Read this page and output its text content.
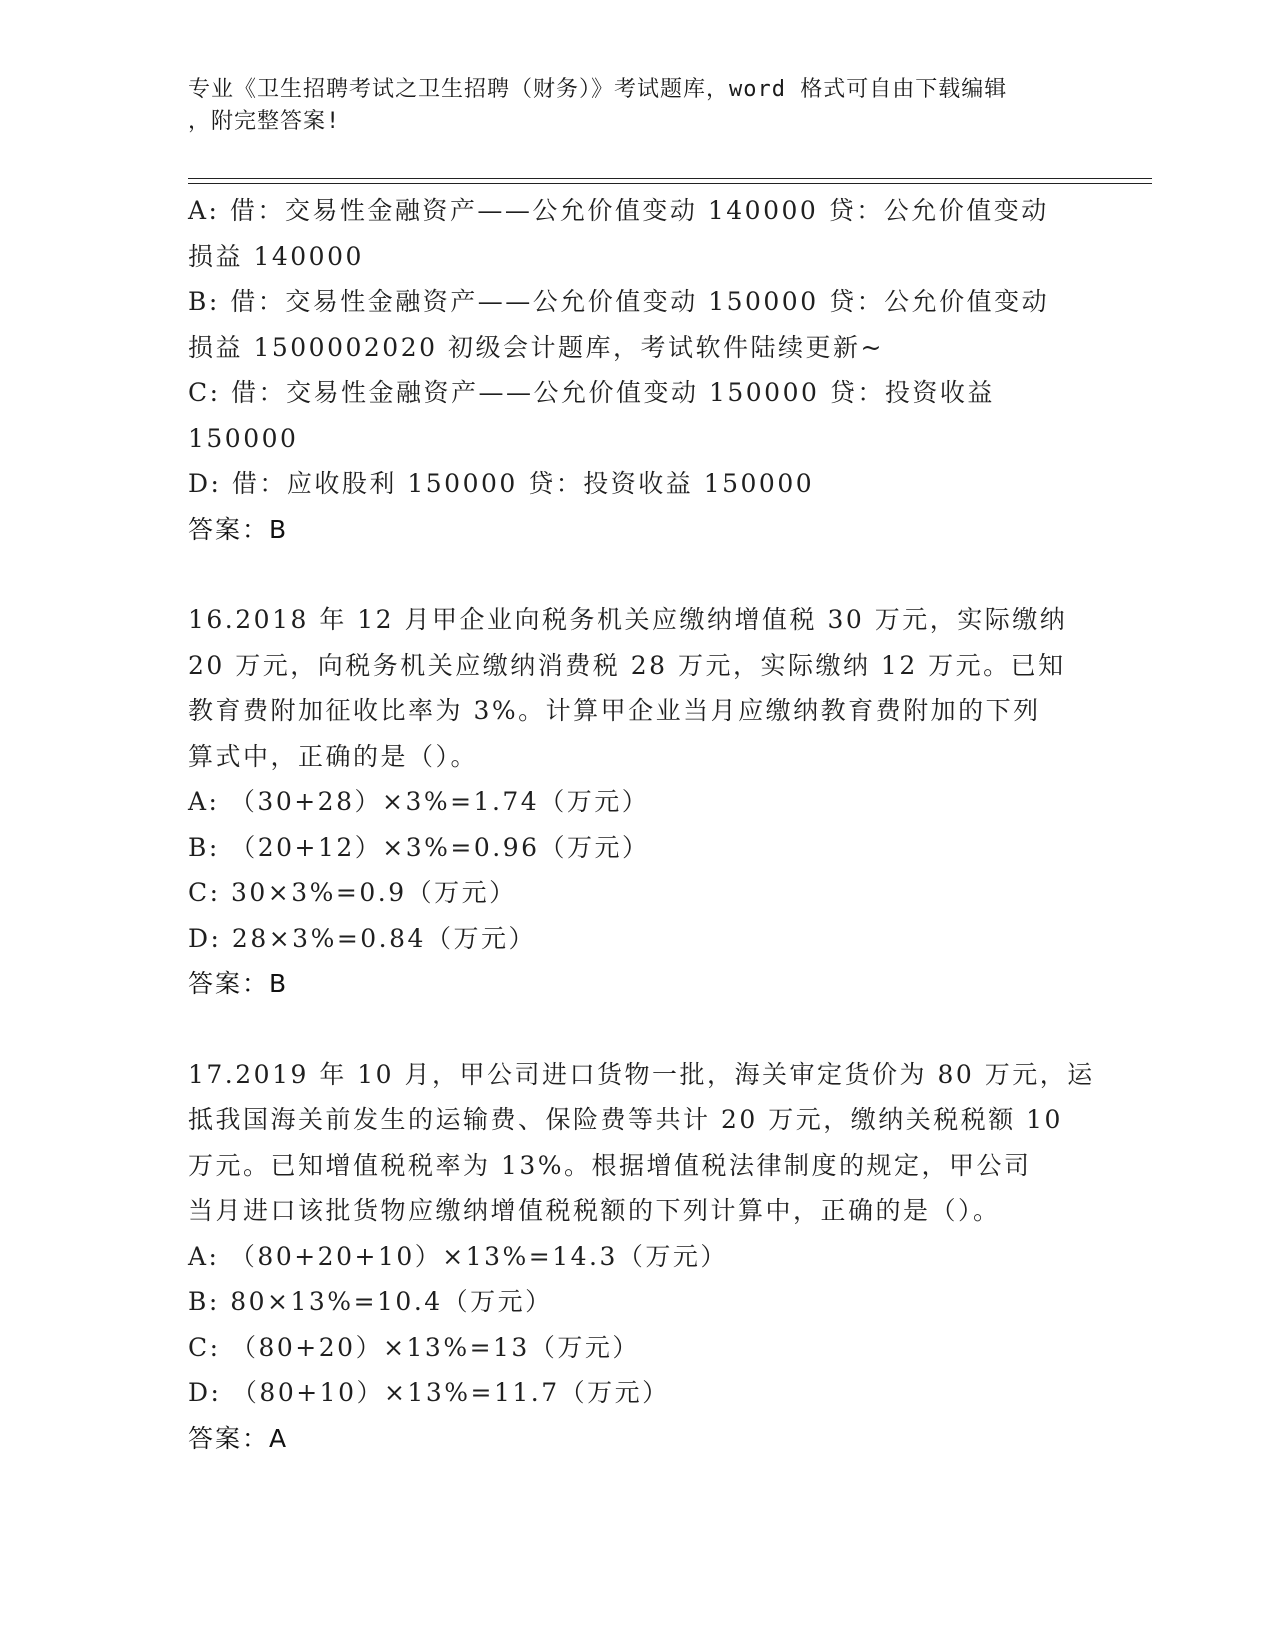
专业《卫生招聘考试之卫生招聘（财务）》考试题库，word 格式可自由下载编辑
，附完整答案!
A: 借：交易性金融资产——公允价值变动 140000 贷：公允价值变动
损益 140000
B: 借：交易性金融资产——公允价值变动 150000 贷：公允价值变动
损益 1500002020 初级会计题库，考试软件陆续更新~
C: 借：交易性金融资产——公允价值变动 150000 贷：投资收益
150000
D: 借：应收股利 150000 贷：投资收益 150000
答案：B
16.2018 年 12 月甲企业向税务机关应缴纳增值税 30 万元，实际缴纳
20 万元，向税务机关应缴纳消费税 28 万元，实际缴纳 12 万元。已知
教育费附加征收比率为 3%。计算甲企业当月应缴纳教育费附加的下列
算式中，正确的是（）。
A: （30+28）×3%=1.74（万元）
B: （20+12）×3%=0.96（万元）
C: 30×3%=0.9（万元）
D: 28×3%=0.84（万元）
答案：B
17.2019 年 10 月，甲公司进口货物一批，海关审定货价为 80 万元，运
抵我国海关前发生的运输费、保险费等共计 20 万元，缴纳关税税额 10
万元。已知增值税税率为 13%。根据增值税法律制度的规定，甲公司
当月进口该批货物应缴纳增值税税额的下列计算中，正确的是（）。
A: （80+20+10）×13%=14.3（万元）
B: 80×13%=10.4（万元）
C: （80+20）×13%=13（万元）
D: （80+10）×13%=11.7（万元）
答案：A
